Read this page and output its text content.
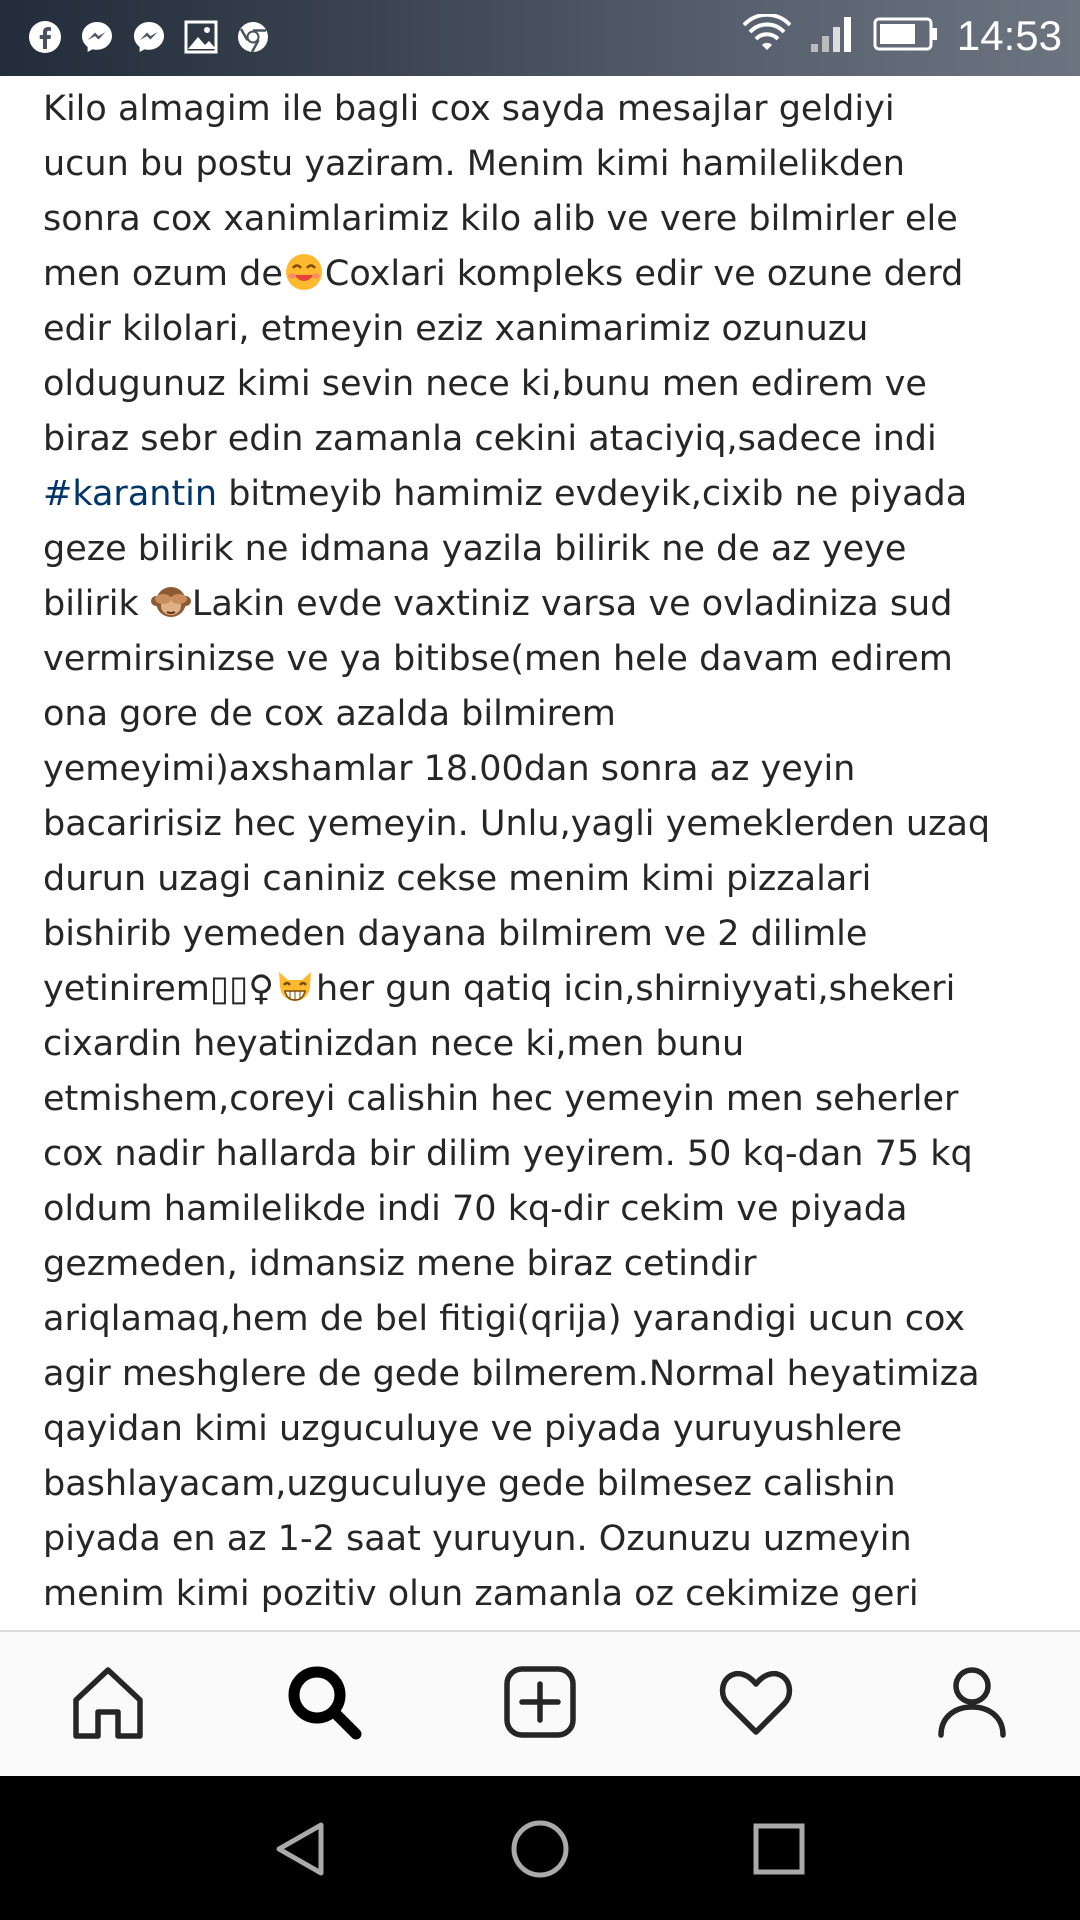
14:53
Kilo almagim ile bagli cox sayda mesajlar geldiyi
ucun bu postu yaziram. Menim kimi hamilelikden
sonra cox xanimlarimiz kilo alib ve vere bilmirler ele
men ozum de Coxlari kompleks edir ve ozune derd
edir kilolari, etmeyin eziz xanimarimiz ozunuzu
oldugunuz kimi sevin nece ki,bunu men edirem ve
biraz sebr edin zamanla cekini ataciyiq,sadece indi
#karantin bitmeyib hamimiz evdeyik,cixib ne piyada
geze bilirik ne idmana yazila bilirik ne de az yeye
bilirik Lakin evde vaxtiniz varsa ve ovladiniza sud
vermirsinizse ve ya bitibse(men hele davam edirem
ona gore de cox azalda bilmirem
yemeyimi)axshamlar 18.00dan sonra az yeyin
bacaririsiz hec yemeyin. Unlu,yagli yemeklerden uzaq
durun uzagi caniniz cekse menim kimi pizzalari
bishirib yemeden dayana bilmirem ve 2 dilimle
yetinirem▯▯♀ her gun qatiq icin,shirniyyati,shekeri
cixardin heyatinizdan nece ki,men bunu
etmishem,coreyi calishin hec yemeyin men seherler
cox nadir hallarda bir dilim yeyirem. 50 kq-dan 75 kq
oldum hamilelikde indi 70 kq-dir cekim ve piyada
gezmeden, idmansiz mene biraz cetindir
ariqlamaq,hem de bel fitigi(qrija) yarandigi ucun cox
agir meshglere de gede bilmerem.Normal heyatimiza
qayidan kimi uzguculuye ve piyada yuruyushlere
bashlayacam,uzguculuye gede bilmesez calishin
piyada en az 1-2 saat yuruyun. Ozunuzu uzmeyin
menim kimi pozitiv olun zamanla oz cekimize geri
